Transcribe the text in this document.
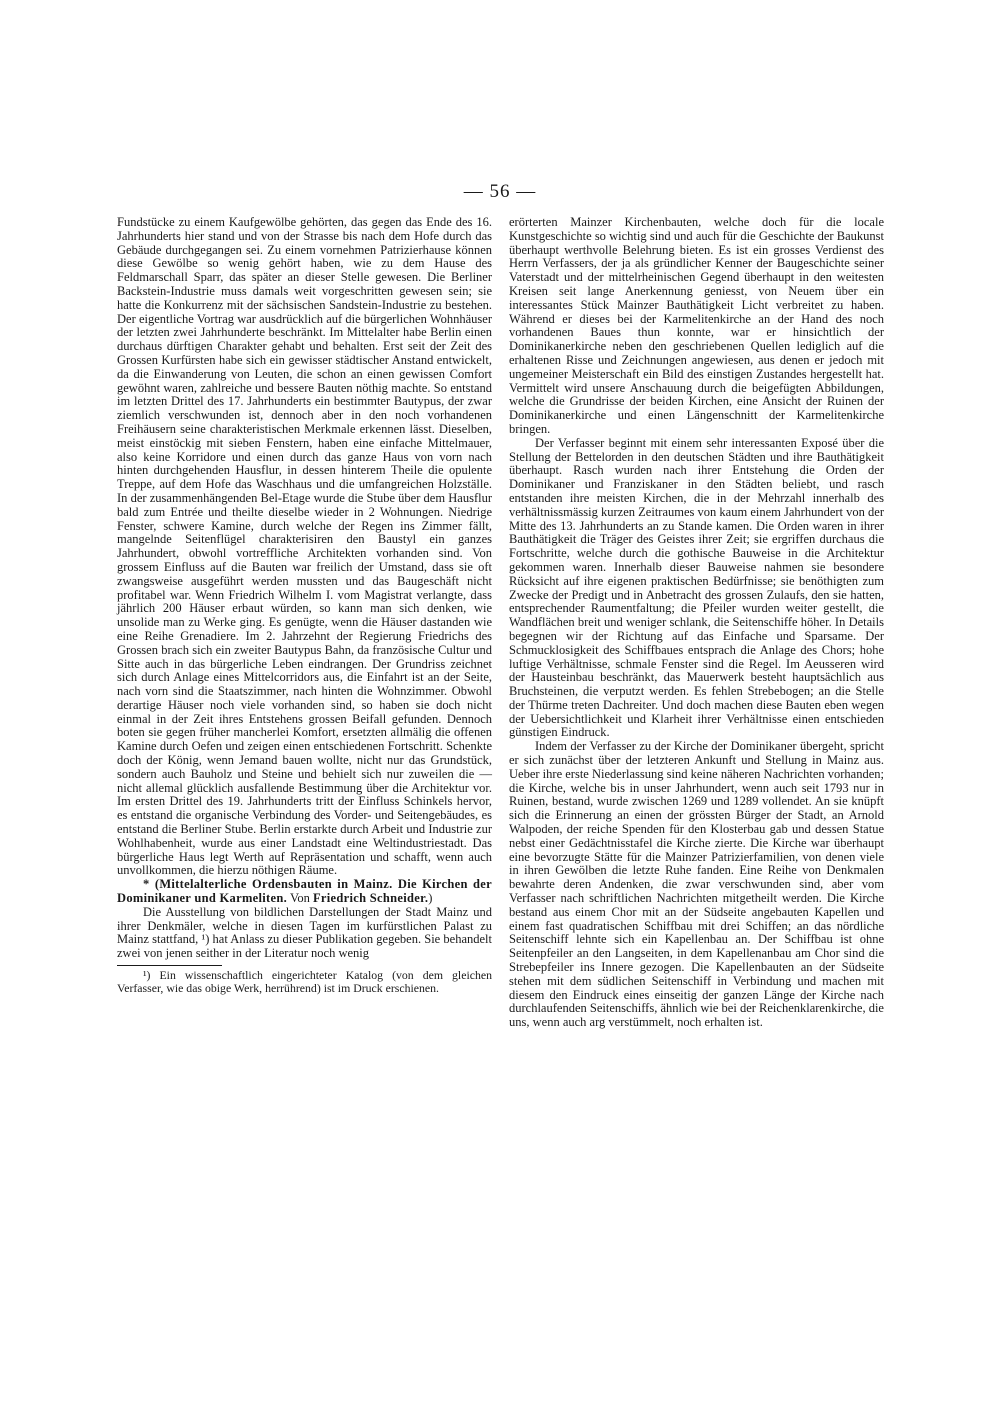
— 56 —

Fundstücke zu einem Kaufgewölbe gehörten, das gegen das Ende des 16. Jahrhunderts hier stand und von der Strasse bis nach dem Hofe durch das Gebäude durchgegangen sei. Zu einem vornehmen Patrizierhause können diese Gewölbe so wenig gehört haben, wie zu dem Hause des Feldmarschall Sparr, das später an dieser Stelle gewesen. Die Berliner Backstein-Industrie muss damals weit vorgeschritten gewesen sein; sie hatte die Konkurrenz mit der sächsischen Sandstein-Industrie zu bestehen. Der eigentliche Vortrag war ausdrücklich auf die bürgerlichen Wohnhäuser der letzten zwei Jahrhunderte beschränkt. Im Mittelalter habe Berlin einen durchaus dürftigen Charakter gehabt und behalten. Erst seit der Zeit des Grossen Kurfürsten habe sich ein gewisser städtischer Anstand entwickelt, da die Einwanderung von Leuten, die schon an einen gewissen Comfort gewöhnt waren, zahlreiche und bessere Bauten nöthig machte. So entstand im letzten Drittel des 17. Jahrhunderts ein bestimmter Bautypus, der zwar ziemlich verschwunden ist, dennoch aber in den noch vorhandenen Freihäusern seine charakteristischen Merkmale erkennen lässt. Dieselben, meist einstöckig mit sieben Fenstern, haben eine einfache Mittelmauer, also keine Korridore und einen durch das ganze Haus von vorn nach hinten durchgehenden Hausflur, in dessen hinterem Theile die opulente Treppe, auf dem Hofe das Waschhaus und die umfangreichen Holzställe. In der zusammenhängenden Bel-Etage wurde die Stube über dem Hausflur bald zum Entrée und theilte dieselbe wieder in 2 Wohnungen. Niedrige Fenster, schwere Kamine, durch welche der Regen ins Zimmer fällt, mangelnde Seitenflügel charakterisiren den Baustyl ein ganzes Jahrhundert, obwohl vortreffliche Architekten vorhanden sind. Von grossem Einfluss auf die Bauten war freilich der Umstand, dass sie oft zwangsweise ausgeführt werden mussten und das Baugeschäft nicht profitabel war. Wenn Friedrich Wilhelm I. vom Magistrat verlangte, dass jährlich 200 Häuser erbaut würden, so kann man sich denken, wie unsolide man zu Werke ging. Es genügte, wenn die Häuser dastanden wie eine Reihe Grenadiere. Im 2. Jahrzehnt der Regierung Friedrichs des Grossen brach sich ein zweiter Bautypus Bahn, da französische Cultur und Sitte auch in das bürgerliche Leben eindrangen. Der Grundriss zeichnet sich durch Anlage eines Mittelcorridors aus, die Einfahrt ist an der Seite, nach vorn sind die Staatszimmer, nach hinten die Wohnzimmer. Obwohl derartige Häuser noch viele vorhanden sind, so haben sie doch nicht einmal in der Zeit ihres Entstehens grossen Beifall gefunden. Dennoch boten sie gegen früher mancherlei Komfort, ersetzten allmälig die offenen Kamine durch Oefen und zeigen einen entschiedenen Fortschritt. Schenkte doch der König, wenn Jemand bauen wollte, nicht nur das Grundstück, sondern auch Bauholz und Steine und behielt sich nur zuweilen die — nicht allemal glücklich ausfallende Bestimmung über die Architektur vor. Im ersten Drittel des 19. Jahrhunderts tritt der Einfluss Schinkels hervor, es entstand die organische Verbindung des Vorder- und Seitengebäudes, es entstand die Berliner Stube. Berlin erstarkte durch Arbeit und Industrie zur Wohlhabenheit, wurde aus einer Landstadt eine Weltindustriestadt. Das bürgerliche Haus legt Werth auf Repräsentation und schafft, wenn auch unvollkommen, die hierzu nöthigen Räume.

* (Mittelalterliche Ordensbauten in Mainz. Die Kirchen der Dominikaner und Karmeliten. Von Friedrich Schneider.)

Die Ausstellung von bildlichen Darstellungen der Stadt Mainz und ihrer Denkmäler, welche in diesen Tagen im kurfürstlichen Palast zu Mainz stattfand, ¹) hat Anlass zu dieser Publikation gegeben. Sie behandelt zwei von jenen seither in der Literatur noch wenig

¹) Ein wissenschaftlich eingerichteter Katalog (von dem gleichen Verfasser, wie das obige Werk, herrührend) ist im Druck erschienen.

erörterten Mainzer Kirchenbauten, welche doch für die locale Kunstgeschichte so wichtig sind und auch für die Geschichte der Baukunst überhaupt werthvolle Belehrung bieten. Es ist ein grosses Verdienst des Herrn Verfassers, der ja als gründlicher Kenner der Baugeschichte seiner Vaterstadt und der mittelrheinischen Gegend überhaupt in den weitesten Kreisen seit lange Anerkennung geniesst, von Neuem über ein interessantes Stück Mainzer Bauthätigkeit Licht verbreitet zu haben. Während er dieses bei der Karmelitenkirche an der Hand des noch vorhandenen Baues thun konnte, war er hinsichtlich der Dominikanerkirche neben den geschriebenen Quellen lediglich auf die erhaltenen Risse und Zeichnungen angewiesen, aus denen er jedoch mit ungemeiner Meisterschaft ein Bild des einstigen Zustandes hergestellt hat. Vermittelt wird unsere Anschauung durch die beigefügten Abbildungen, welche die Grundrisse der beiden Kirchen, eine Ansicht der Ruinen der Dominikanerkirche und einen Längenschnitt der Karmelitenkirche bringen.

Der Verfasser beginnt mit einem sehr interessanten Exposé über die Stellung der Bettelorden in den deutschen Städten und ihre Bauthätigkeit überhaupt. Rasch wurden nach ihrer Entstehung die Orden der Dominikaner und Franziskaner in den Städten beliebt, und rasch entstanden ihre meisten Kirchen, die in der Mehrzahl innerhalb des verhältnissmässig kurzen Zeitraumes von kaum einem Jahrhundert von der Mitte des 13. Jahrhunderts an zu Stande kamen. Die Orden waren in ihrer Bauthätigkeit die Träger des Geistes ihrer Zeit; sie ergriffen durchaus die Fortschritte, welche durch die gothische Bauweise in die Architektur gekommen waren. Innerhalb dieser Bauweise nahmen sie besondere Rücksicht auf ihre eigenen praktischen Bedürfnisse; sie benöthigten zum Zwecke der Predigt und in Anbetracht des grossen Zulaufs, den sie hatten, entsprechender Raumentfaltung; die Pfeiler wurden weiter gestellt, die Wandflächen breit und weniger schlank, die Seitenschiffe höher. In Details begegnen wir der Richtung auf das Einfache und Sparsame. Der Schmucklosigkeit des Schiffbaues entsprach die Anlage des Chors; hohe luftige Verhältnisse, schmale Fenster sind die Regel. Im Aeusseren wird der Hausteinbau beschränkt, das Mauerwerk besteht hauptsächlich aus Bruchsteinen, die verputzt werden. Es fehlen Strebebogen; an die Stelle der Thürme treten Dachreiter. Und doch machen diese Bauten eben wegen der Uebersichtlichkeit und Klarheit ihrer Verhältnisse einen entschieden günstigen Eindruck.

Indem der Verfasser zu der Kirche der Dominikaner übergeht, spricht er sich zunächst über der letzteren Ankunft und Stellung in Mainz aus. Ueber ihre erste Niederlassung sind keine näheren Nachrichten vorhanden; die Kirche, welche bis in unser Jahrhundert, wenn auch seit 1793 nur in Ruinen, bestand, wurde zwischen 1269 und 1289 vollendet. An sie knüpft sich die Erinnerung an einen der grössten Bürger der Stadt, an Arnold Walpoden, der reiche Spenden für den Klosterbau gab und dessen Statue nebst einer Gedächtnisstafel die Kirche zierte. Die Kirche war überhaupt eine bevorzugte Stätte für die Mainzer Patrizierfamilien, von denen viele in ihren Gewölben die letzte Ruhe fanden. Eine Reihe von Denkmalen bewahrte deren Andenken, die zwar verschwunden sind, aber vom Verfasser nach schriftlichen Nachrichten mitgetheilt werden. Die Kirche bestand aus einem Chor mit an der Südseite angebauten Kapellen und einem fast quadratischen Schiffbau mit drei Schiffen; an das nördliche Seitenschiff lehnte sich ein Kapellenbau an. Der Schiffbau ist ohne Seitenpfeiler an den Langseiten, in dem Kapellenanbau am Chor sind die Strebepfeiler ins Innere gezogen. Die Kapellenbauten an der Südseite stehen mit dem südlichen Seitenschiff in Verbindung und machen mit diesem den Eindruck eines einseitig der ganzen Länge der Kirche nach durchlaufenden Seitenschiffs, ähnlich wie bei der Reichenklarenkirche, die uns, wenn auch arg verstümmelt, noch erhalten ist.
